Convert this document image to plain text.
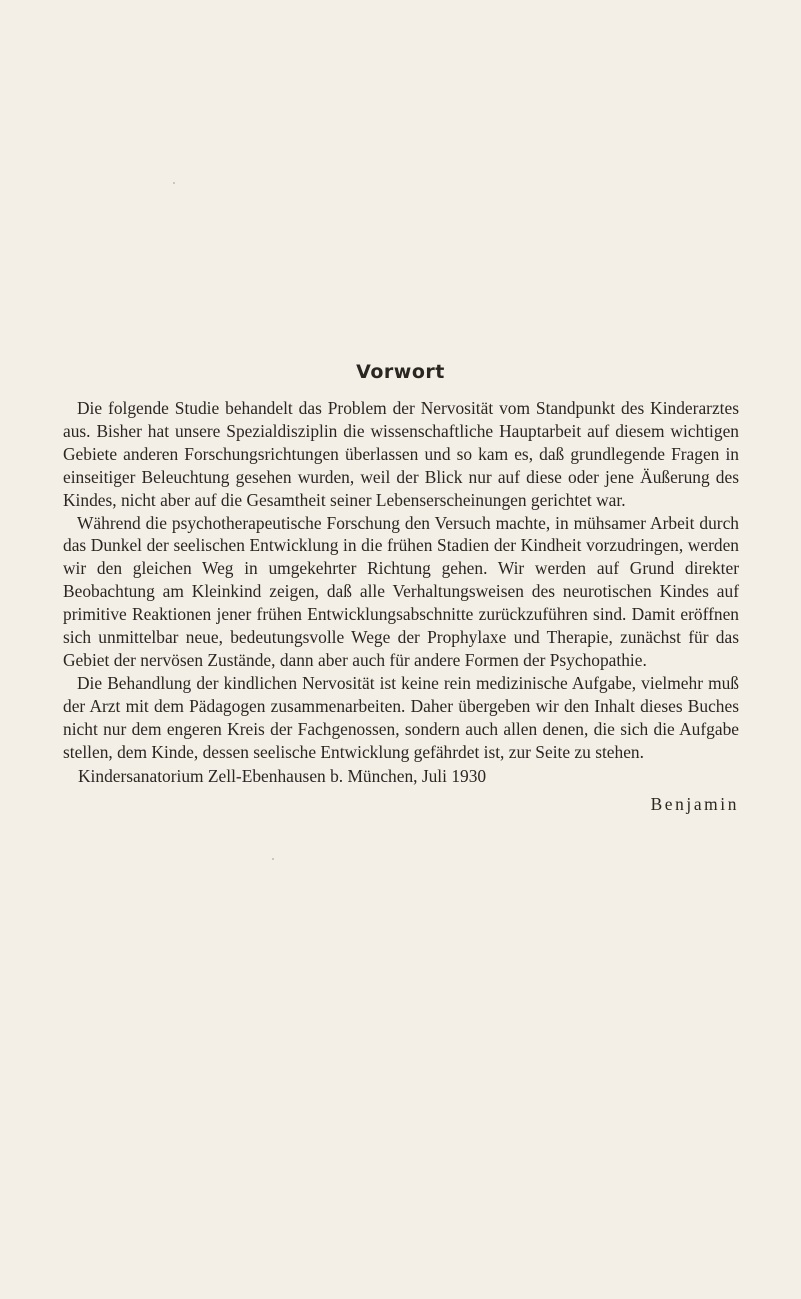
Vorwort

Die folgende Studie behandelt das Problem der Nervosität vom Standpunkt des Kinderarztes aus. Bisher hat unsere Spezialdisziplin die wissenschaftliche Hauptarbeit auf diesem wichtigen Gebiete anderen Forschungsrichtungen überlassen und so kam es, daß grundlegende Fragen in einseitiger Beleuchtung gesehen wurden, weil der Blick nur auf diese oder jene Äußerung des Kindes, nicht aber auf die Gesamtheit seiner Lebenserscheinungen gerichtet war.

Während die psychotherapeutische Forschung den Versuch machte, in mühsamer Arbeit durch das Dunkel der seelischen Entwicklung in die frühen Stadien der Kindheit vorzudringen, werden wir den gleichen Weg in umgekehrter Richtung gehen. Wir werden auf Grund direkter Beobachtung am Kleinkind zeigen, daß alle Verhaltungsweisen des neurotischen Kindes auf primitive Reaktionen jener frühen Entwicklungsabschnitte zurückzuführen sind. Damit eröffnen sich unmittelbar neue, bedeutungsvolle Wege der Prophylaxe und Therapie, zunächst für das Gebiet der nervösen Zustände, dann aber auch für andere Formen der Psychopathie.

Die Behandlung der kindlichen Nervosität ist keine rein medizinische Aufgabe, vielmehr muß der Arzt mit dem Pädagogen zusammenarbeiten. Daher übergeben wir den Inhalt dieses Buches nicht nur dem engeren Kreis der Fachgenossen, sondern auch allen denen, die sich die Aufgabe stellen, dem Kinde, dessen seelische Entwicklung gefährdet ist, zur Seite zu stehen.

Kindersanatorium Zell-Ebenhausen b. München, Juli 1930
Benjamin
